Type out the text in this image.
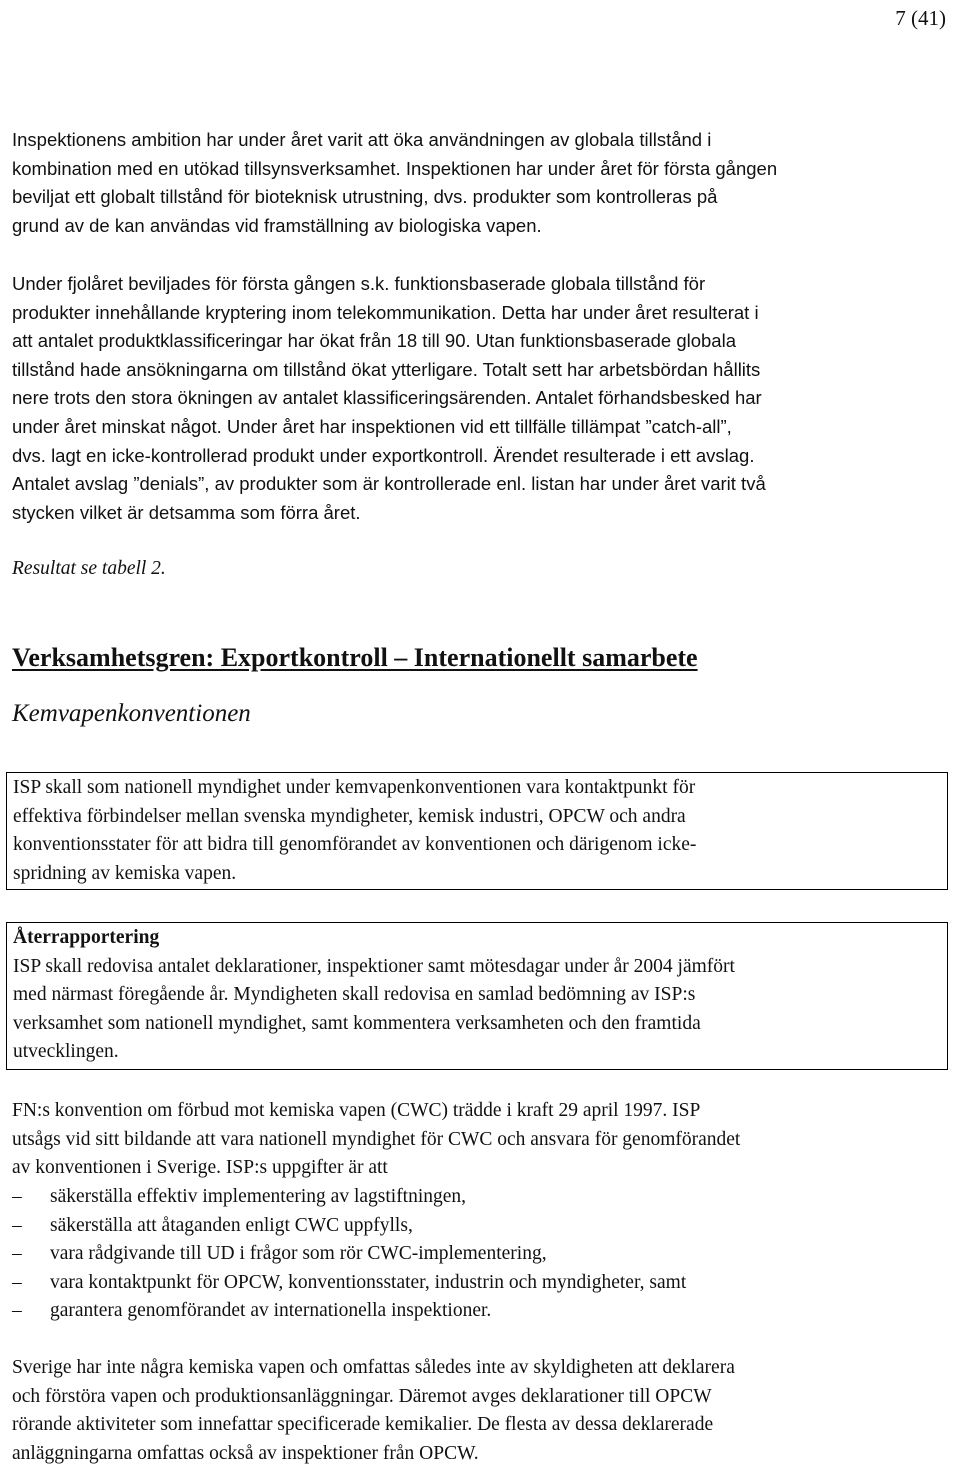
7 (41)
Inspektionens ambition har under året varit att öka användningen av globala tillstånd i
kombination med en utökad tillsynsverksamhet. Inspektionen har under året för första gången
beviljat ett globalt tillstånd för bioteknisk utrustning, dvs. produkter som kontrolleras på
grund av de kan användas vid framställning av biologiska vapen.
Under fjolåret beviljades för första gången s.k. funktionsbaserade globala tillstånd för
produkter innehållande kryptering inom telekommunikation. Detta har under året resulterat i
att antalet produktklassificeringar har ökat från 18 till 90. Utan funktionsbaserade globala
tillstånd hade ansökningarna om tillstånd ökat ytterligare. Totalt sett har arbetsbördan hållits
nere trots den stora ökningen av antalet klassificeringsärenden. Antalet förhandsbesked har
under året minskat något. Under året har inspektionen vid ett tillfälle tillämpat ”catch-all”,
dvs. lagt en icke-kontrollerad produkt under exportkontroll. Ärendet resulterade i ett avslag.
Antalet avslag ”denials”, av produkter som är kontrollerade enl. listan har under året varit två
stycken vilket är detsamma som förra året.
Resultat se tabell 2.
Verksamhetsgren: Exportkontroll – Internationellt samarbete
Kemvapenkonventionen
ISP skall som nationell myndighet under kemvapenkonventionen vara kontaktpunkt för
effektiva förbindelser mellan svenska myndigheter, kemisk industri, OPCW och andra
konventionsstater för att bidra till genomförandet av konventionen och därigenom icke-
spridning av kemiska vapen.
Återrapportering
ISP skall redovisa antalet deklarationer, inspektioner samt mötesdagar under år 2004 jämfört
med närmast föregående år. Myndigheten skall redovisa en samlad bedömning av ISP:s
verksamhet som nationell myndighet, samt kommentera verksamheten och den framtida
utvecklingen.
FN:s konvention om förbud mot kemiska vapen (CWC) trädde i kraft 29 april 1997. ISP
utsågs vid sitt bildande att vara nationell myndighet för CWC och ansvara för genomförandet
av konventionen i Sverige. ISP:s uppgifter är att
– säkerställa effektiv implementering av lagstiftningen,
– säkerställa att åtaganden enligt CWC uppfylls,
– vara rådgivande till UD i frågor som rör CWC-implementering,
– vara kontaktpunkt för OPCW, konventionsstater, industrin och myndigheter, samt
– garantera genomförandet av internationella inspektioner.
Sverige har inte några kemiska vapen och omfattas således inte av skyldigheten att deklarera
och förstöra vapen och produktionsanläggningar. Däremot avges deklarationer till OPCW
rörande aktiviteter som innefattar specificerade kemikalier. De flesta av dessa deklarerade
anläggningarna omfattas också av inspektioner från OPCW.
